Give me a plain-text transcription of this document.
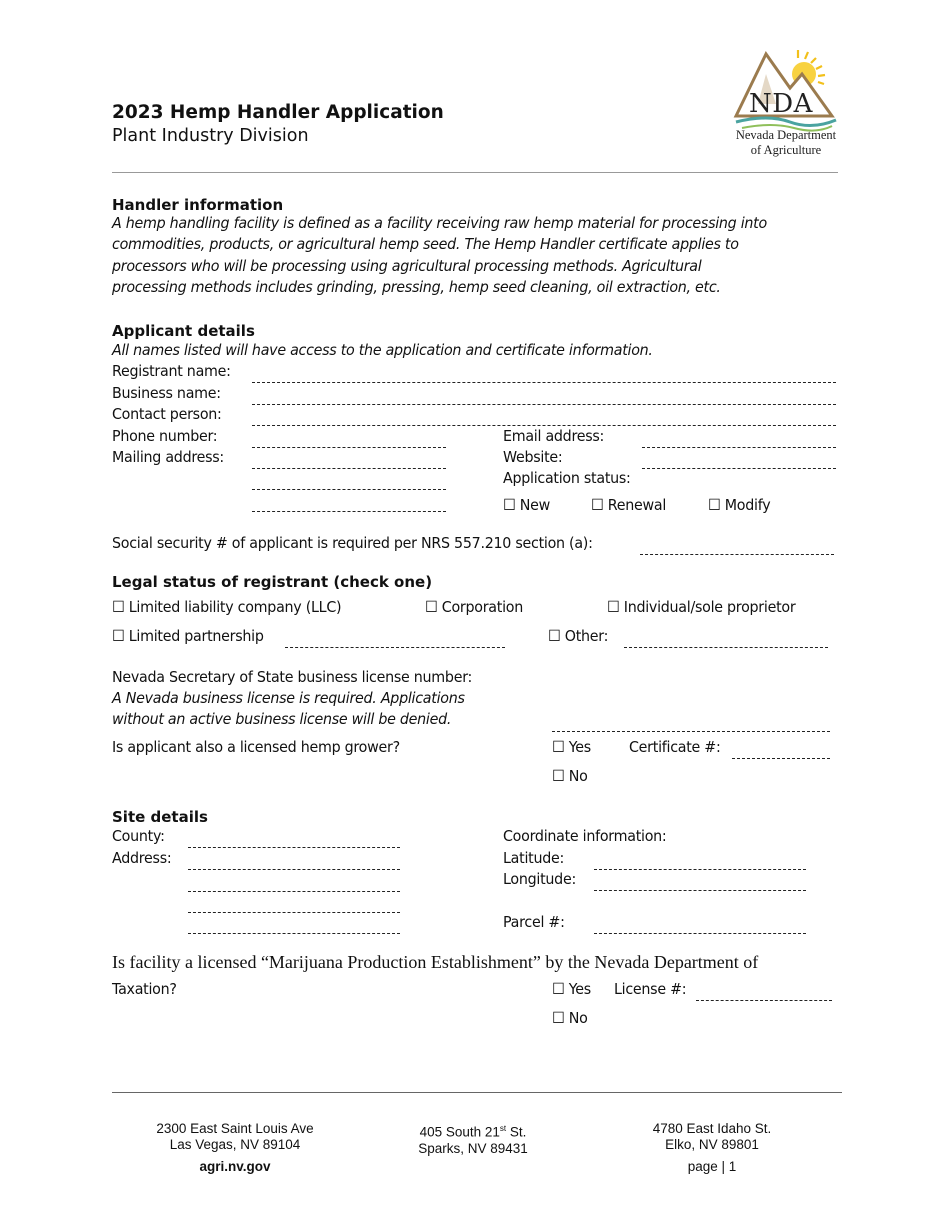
2023 Hemp Handler Application
Plant Industry Division
NDA
Nevada Department
of Agriculture
Handler information
A hemp handling facility is defined as a facility receiving raw hemp material for processing into
commodities, products, or agricultural hemp seed. The Hemp Handler certificate applies to
processors who will be processing using agricultural processing methods. Agricultural
processing methods includes grinding, pressing, hemp seed cleaning, oil extraction, etc.
Applicant details
All names listed will have access to the application and certificate information.
Registrant name:
Business name:
Contact person:
Phone number:
Mailing address:
Email address:
Website:
Application status:
☐ New	☐ Renewal	☐ Modify
Social security # of applicant is required per NRS 557.210 section (a):
Legal status of registrant (check one)
☐ Limited liability company (LLC)	☐ Corporation	☐ Individual/sole proprietor
☐ Limited partnership	☐ Other:
Nevada Secretary of State business license number:
A Nevada business license is required. Applications
without an active business license will be denied.
Is applicant also a licensed hemp grower?	☐ Yes Certificate #:
☐ No
Site details
County:
Address:
Coordinate information:
Latitude:
Longitude:
Parcel #:
Is facility a licensed “Marijuana Production Establishment” by the Nevada Department of
Taxation?	☐ Yes License #:
☐ No
2300 East Saint Louis Ave
Las Vegas, NV 89104
405 South 21st St.
Sparks, NV 89431
4780 East Idaho St.
Elko, NV 89801
agri.nv.gov	page | 1
